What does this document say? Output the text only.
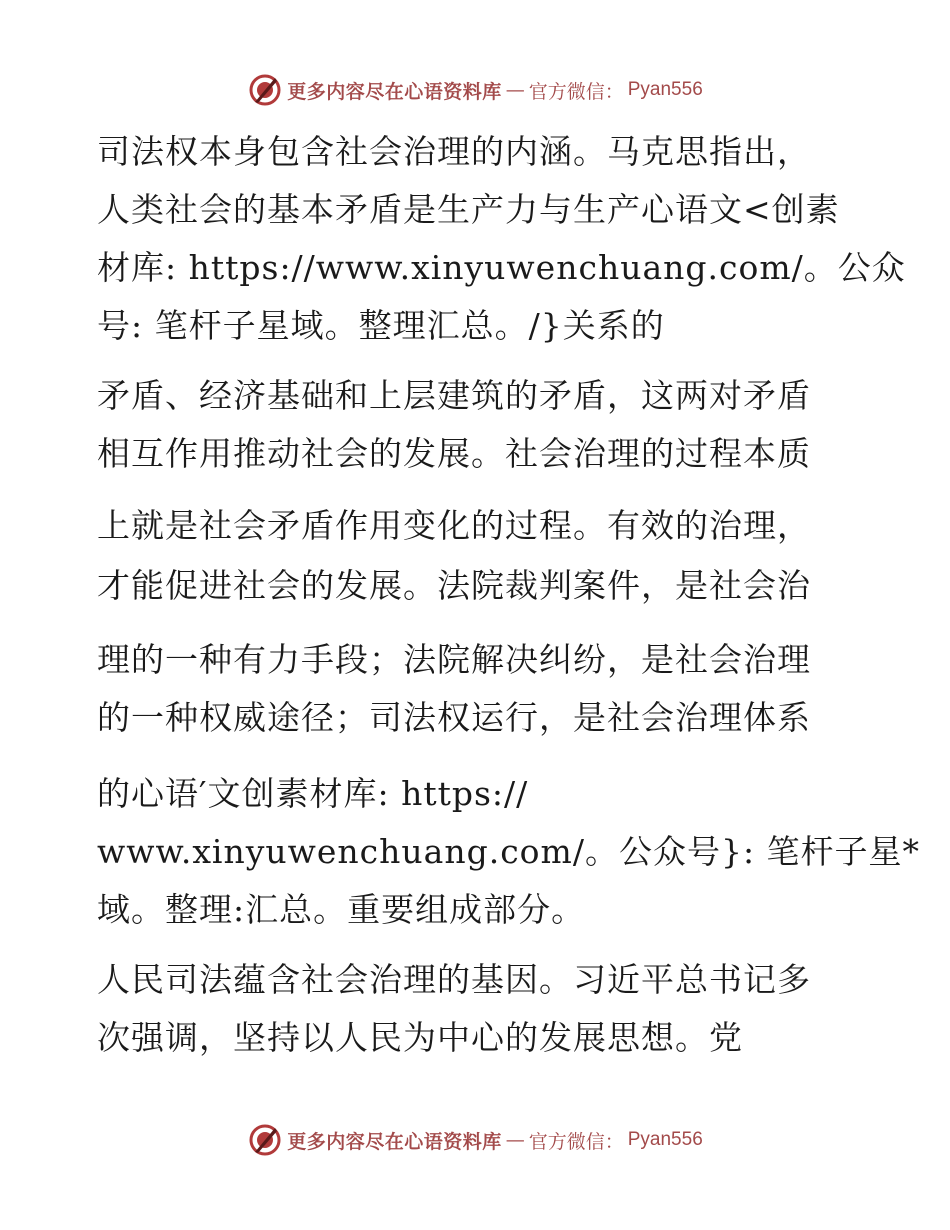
更多内容尽在心语资料库 — 官方微信： Pyan556
司法权本身包含社会治理的内涵。马克思指出，
人类社会的基本矛盾是生产力与生产心语文<创素
材库: https://www.xinyuwenchuang.com/。公众
号: 笔杆子星域。整理汇总。/}关系的
矛盾、经济基础和上层建筑的矛盾，这两对矛盾
相互作用推动社会的发展。社会治理的过程本质
上就是社会矛盾作用变化的过程。有效的治理，
才能促进社会的发展。法院裁判案件，是社会治
理的一种有力手段；法院解决纠纷，是社会治理
的一种权威途径；司法权运行，是社会治理体系
的心语′文创素材库: https://
www.xinyuwenchuang.com/。公众号}: 笔杆子星*
域。整理:汇总。重要组成部分。
人民司法蕴含社会治理的基因。习近平总书记多
次强调，坚持以人民为中心的发展思想。党
更多内容尽在心语资料库 — 官方微信： Pyan556
